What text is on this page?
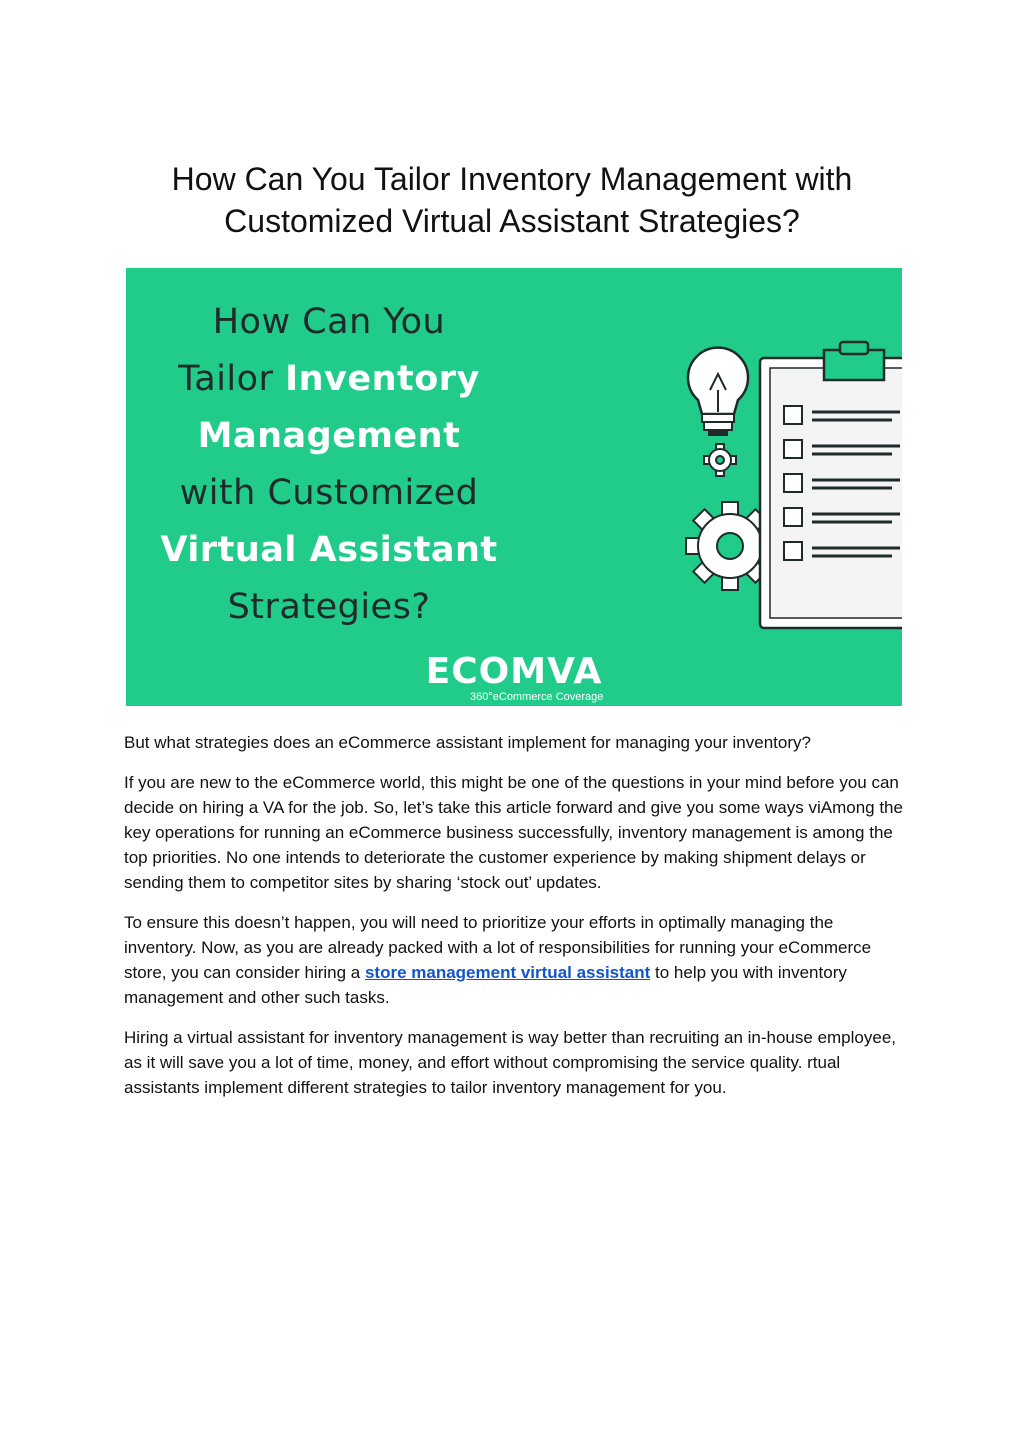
How Can You Tailor Inventory Management with
Customized Virtual Assistant Strategies?
How Can You
Tailor Inventory
Management
with Customized
Virtual Assistant
Strategies?
ECOMVA
360°eCommerce Coverage

But what strategies does an eCommerce assistant implement for managing your inventory?

If you are new to the eCommerce world, this might be one of the questions in your mind before you can decide on hiring a VA for the job. So, let’s take this article forward and give you some ways viAmong the key operations for running an eCommerce business successfully, inventory management is among the top priorities. No one intends to deteriorate the customer experience by making shipment delays or sending them to competitor sites by sharing ‘stock out’ updates.

To ensure this doesn’t happen, you will need to prioritize your efforts in optimally managing the inventory. Now, as you are already packed with a lot of responsibilities for running your eCommerce store, you can consider hiring a store management virtual assistant to help you with inventory management and other such tasks.

Hiring a virtual assistant for inventory management is way better than recruiting an in-house employee, as it will save you a lot of time, money, and effort without compromising the service quality. rtual assistants implement different strategies to tailor inventory management for you.
